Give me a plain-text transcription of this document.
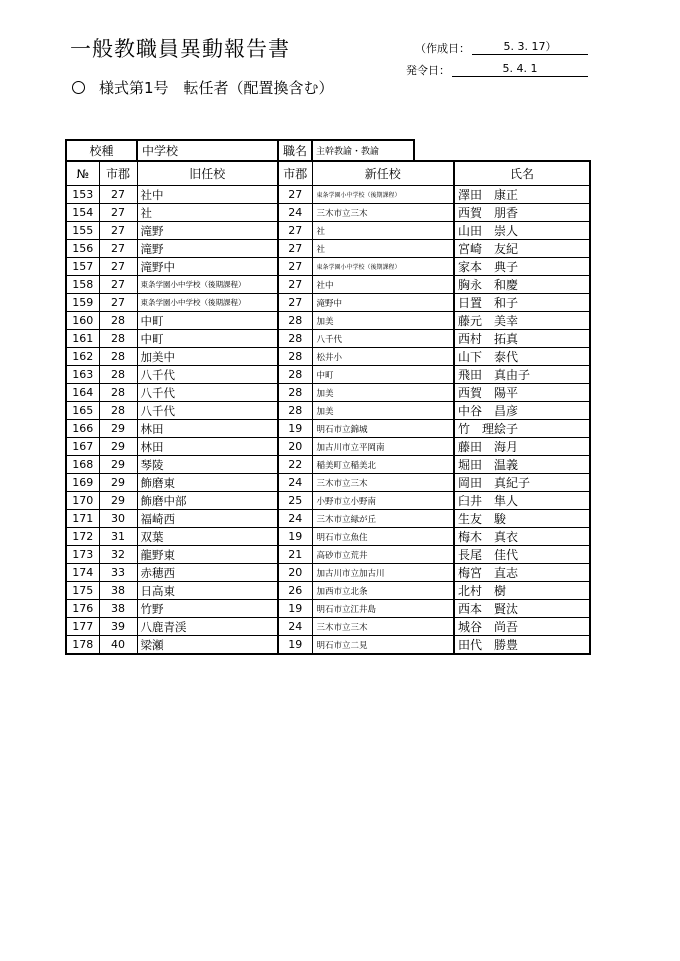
一般教職員異動報告書	（作成日：	5. 3. 17）
発令日：	5. 4. 1
様式第1号　転任者（配置換含む）
校種	中学校	職名	主幹教諭・教諭
№	市郡	旧任校	市郡	新任校	氏名
153	27	社中	27	東条学園小中学校（後期課程）	澤田　康正
154	27	社	24	三木市立三木	西賀　朋香
155	27	滝野	27	社	山田　崇人
156	27	滝野	27	社	宮崎　友紀
157	27	滝野中	27	東条学園小中学校（後期課程）	家本　典子
158	27	東条学園小中学校（後期課程）	27	社中	胸永　和慶
159	27	東条学園小中学校（後期課程）	27	滝野中	日置　和子
160	28	中町	28	加美	藤元　美幸
161	28	中町	28	八千代	西村　拓真
162	28	加美中	28	松井小	山下　泰代
163	28	八千代	28	中町	飛田　真由子
164	28	八千代	28	加美	西賀　陽平
165	28	八千代	28	加美	中谷　昌彦
166	29	林田	19	明石市立錦城	竹　理絵子
167	29	林田	20	加古川市立平岡南	藤田　海月
168	29	琴陵	22	稲美町立稲美北	堀田　温義
169	29	飾磨東	24	三木市立三木	岡田　真紀子
170	29	飾磨中部	25	小野市立小野南	臼井　隼人
171	30	福崎西	24	三木市立緑が丘	生友　駿
172	31	双葉	19	明石市立魚住	梅木　真衣
173	32	龍野東	21	高砂市立荒井	長尾　佳代
174	33	赤穂西	20	加古川市立加古川	梅宮　直志
175	38	日高東	26	加西市立北条	北村　樹
176	38	竹野	19	明石市立江井島	西本　賢汰
177	39	八鹿青渓	24	三木市立三木	城谷　尚吾
178	40	梁瀬	19	明石市立二見	田代　勝豊
